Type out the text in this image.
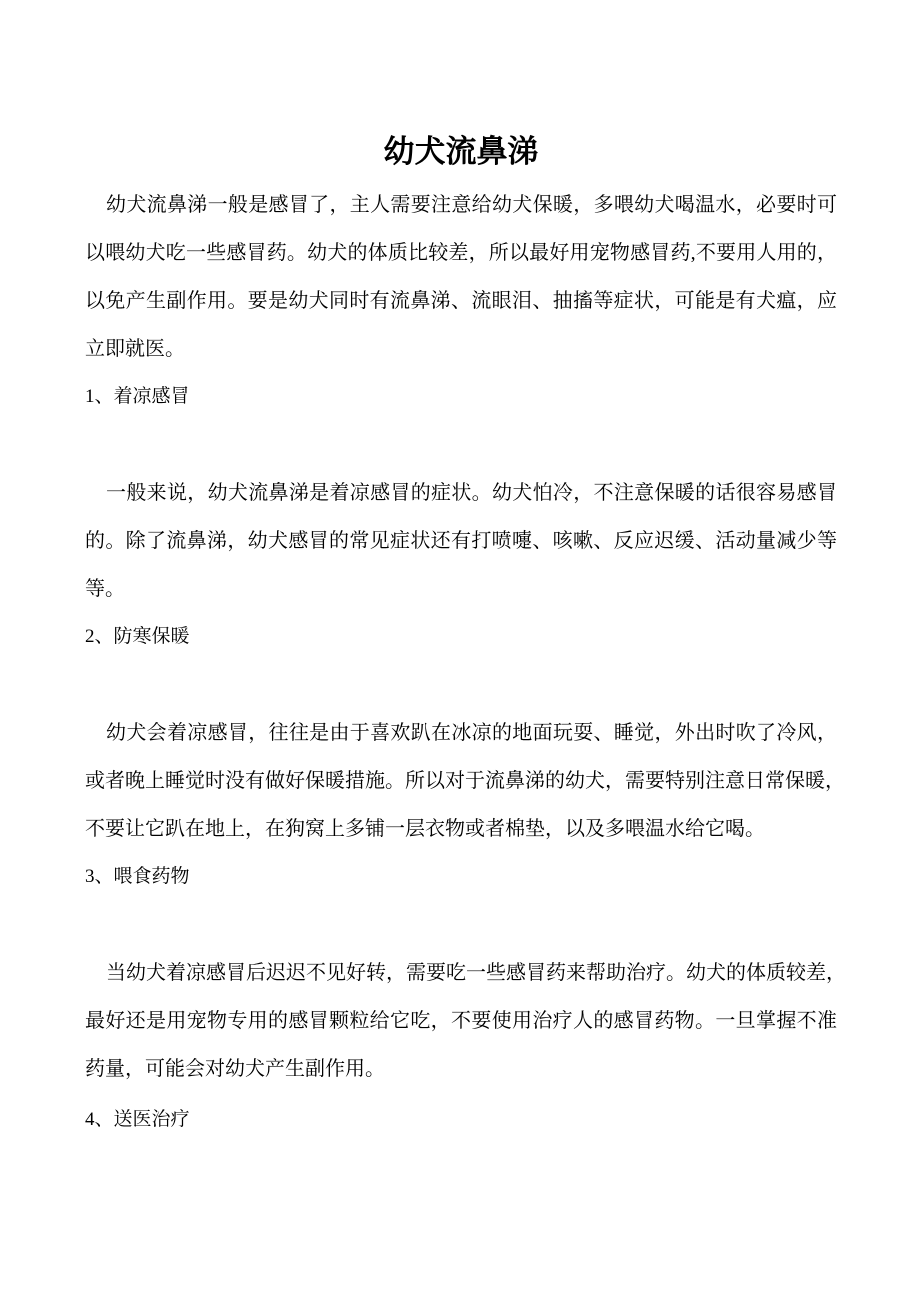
幼犬流鼻涕
幼犬流鼻涕一般是感冒了，主人需要注意给幼犬保暖，多喂幼犬喝温水，必要时可
以喂幼犬吃一些感冒药。幼犬的体质比较差，所以最好用宠物感冒药,不要用人用的，
以免产生副作用。要是幼犬同时有流鼻涕、流眼泪、抽搐等症状，可能是有犬瘟，应
立即就医。
1、着凉感冒
一般来说，幼犬流鼻涕是着凉感冒的症状。幼犬怕冷，不注意保暖的话很容易感冒
的。除了流鼻涕，幼犬感冒的常见症状还有打喷嚏、咳嗽、反应迟缓、活动量减少等
等。
2、防寒保暖
幼犬会着凉感冒，往往是由于喜欢趴在冰凉的地面玩耍、睡觉，外出时吹了冷风，
或者晚上睡觉时没有做好保暖措施。所以对于流鼻涕的幼犬，需要特别注意日常保暖，
不要让它趴在地上，在狗窝上多铺一层衣物或者棉垫，以及多喂温水给它喝。
3、喂食药物
当幼犬着凉感冒后迟迟不见好转，需要吃一些感冒药来帮助治疗。幼犬的体质较差，
最好还是用宠物专用的感冒颗粒给它吃，不要使用治疗人的感冒药物。一旦掌握不准
药量，可能会对幼犬产生副作用。
4、送医治疗
